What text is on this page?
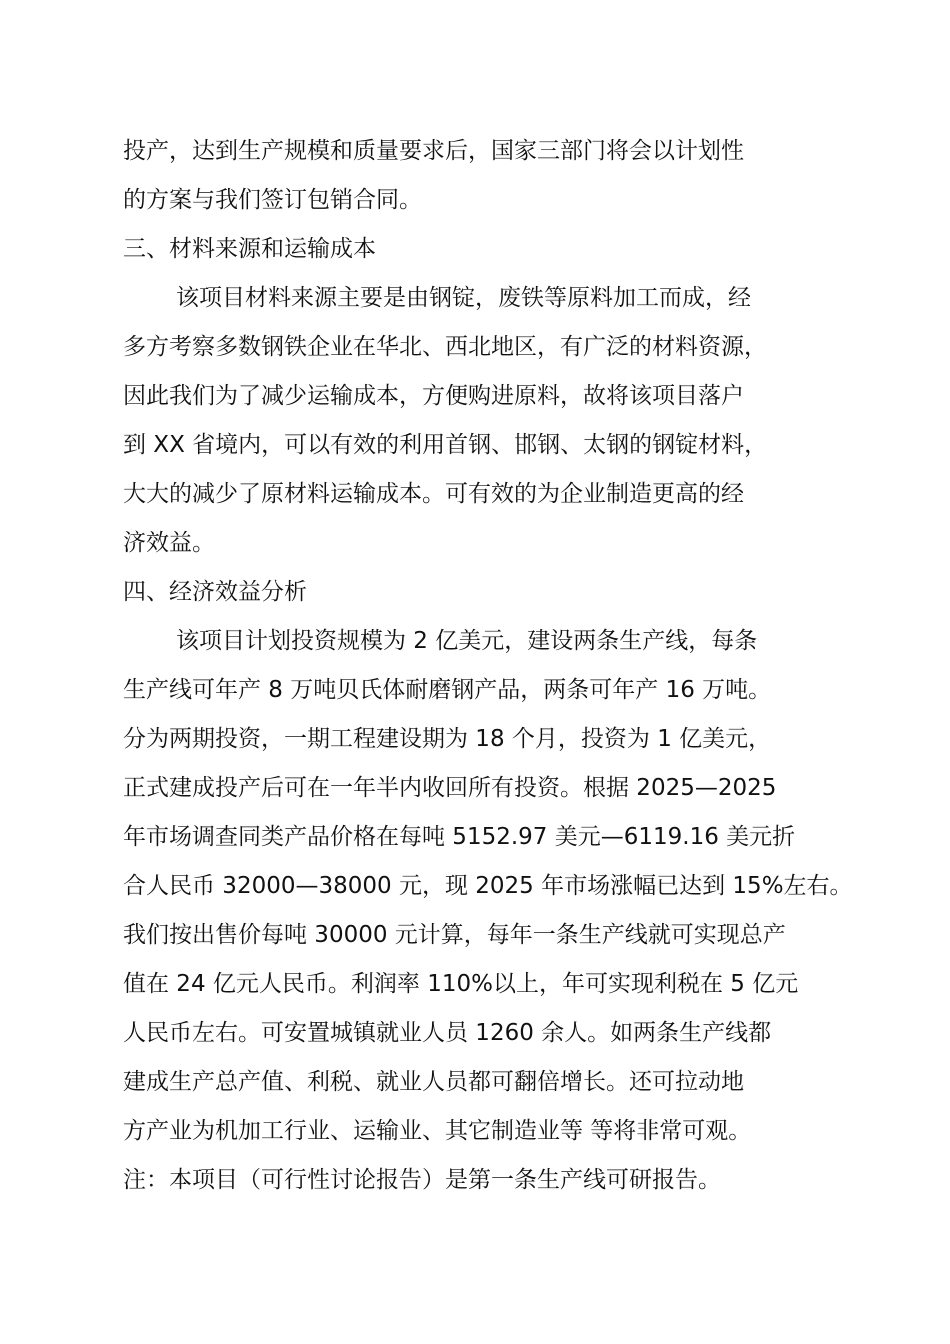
投产，达到生产规模和质量要求后，国家三部门将会以计划性
的方案与我们签订包销合同。
三、材料来源和运输成本
该项目材料来源主要是由钢锭，废铁等原料加工而成，经
多方考察多数钢铁企业在华北、西北地区，有广泛的材料资源，
因此我们为了减少运输成本，方便购进原料，故将该项目落户
到 XX 省境内，可以有效的利用首钢、邯钢、太钢的钢锭材料，
大大的减少了原材料运输成本。可有效的为企业制造更高的经
济效益。
四、经济效益分析
该项目计划投资规模为 2 亿美元，建设两条生产线，每条
生产线可年产 8 万吨贝氏体耐磨钢产品，两条可年产 16 万吨。
分为两期投资，一期工程建设期为 18 个月，投资为 1 亿美元，
正式建成投产后可在一年半内收回所有投资。根据 2025—2025
年市场调查同类产品价格在每吨 5152.97 美元—6119.16 美元折
合人民币 32000—38000 元，现 2025 年市场涨幅已达到 15%左右。
我们按出售价每吨 30000 元计算，每年一条生产线就可实现总产
值在 24 亿元人民币。利润率 110%以上，年可实现利税在 5 亿元
人民币左右。可安置城镇就业人员 1260 余人。如两条生产线都
建成生产总产值、利税、就业人员都可翻倍增长。还可拉动地
方产业为机加工行业、运输业、其它制造业等 等将非常可观。
注：本项目（可行性讨论报告）是第一条生产线可研报告。
